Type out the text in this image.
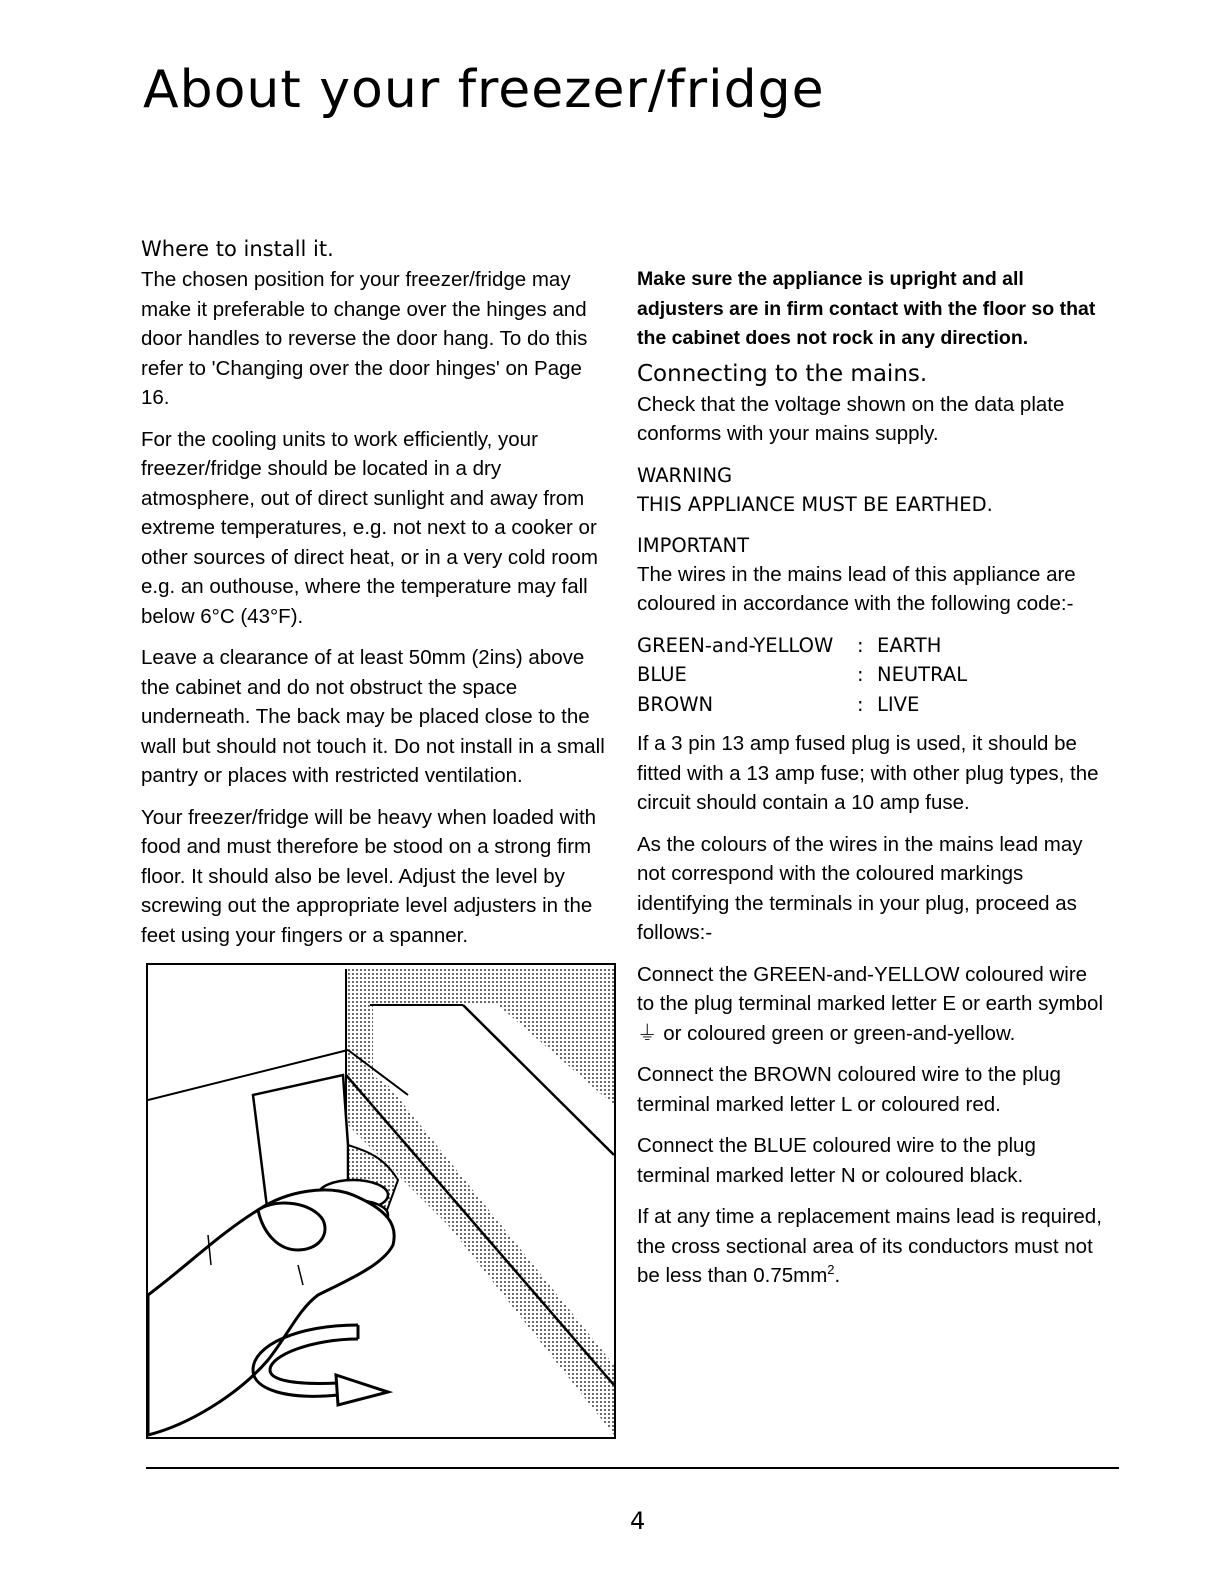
About your freezer/fridge
Where to install it.

The chosen position for your freezer/fridge may make it preferable to change over the hinges and door handles to reverse the door hang. To do this refer to 'Changing over the door hinges' on Page 16.

For the cooling units to work efficiently, your freezer/fridge should be located in a dry atmosphere, out of direct sunlight and away from extreme temperatures, e.g. not next to a cooker or other sources of direct heat, or in a very cold room e.g. an outhouse, where the temperature may fall below 6°C (43°F).

Leave a clearance of at least 50mm (2ins) above the cabinet and do not obstruct the space underneath. The back may be placed close to the wall but should not touch it. Do not install in a small pantry or places with restricted ventilation.

Your freezer/fridge will be heavy when loaded with food and must therefore be stood on a strong firm floor. It should also be level. Adjust the level by screwing out the appropriate level adjusters in the feet using your fingers or a spanner.

Make sure the appliance is upright and all adjusters are in firm contact with the floor so that the cabinet does not rock in any direction.

Connecting to the mains.

Check that the voltage shown on the data plate conforms with your mains supply.

WARNING
THIS APPLIANCE MUST BE EARTHED.
IMPORTANT

The wires in the mains lead of this appliance are coloured in accordance with the following code:-

GREEN-and-YELLOW	:	EARTH
BLUE	:	NEUTRAL
BROWN	:	LIVE

If a 3 pin 13 amp fused plug is used, it should be fitted with a 13 amp fuse; with other plug types, the circuit should contain a 10 amp fuse.

As the colours of the wires in the mains lead may not correspond with the coloured markings identifying the terminals in your plug, proceed as follows:-

Connect the GREEN-and-YELLOW coloured wire to the plug terminal marked letter E or earth symbol ⏚ or coloured green or green-and-yellow.

Connect the BROWN coloured wire to the plug terminal marked letter L or coloured red.

Connect the BLUE coloured wire to the plug terminal marked letter N or coloured black.

If at any time a replacement mains lead is required, the cross sectional area of its conductors must not be less than $0.75mm^2$.

4
